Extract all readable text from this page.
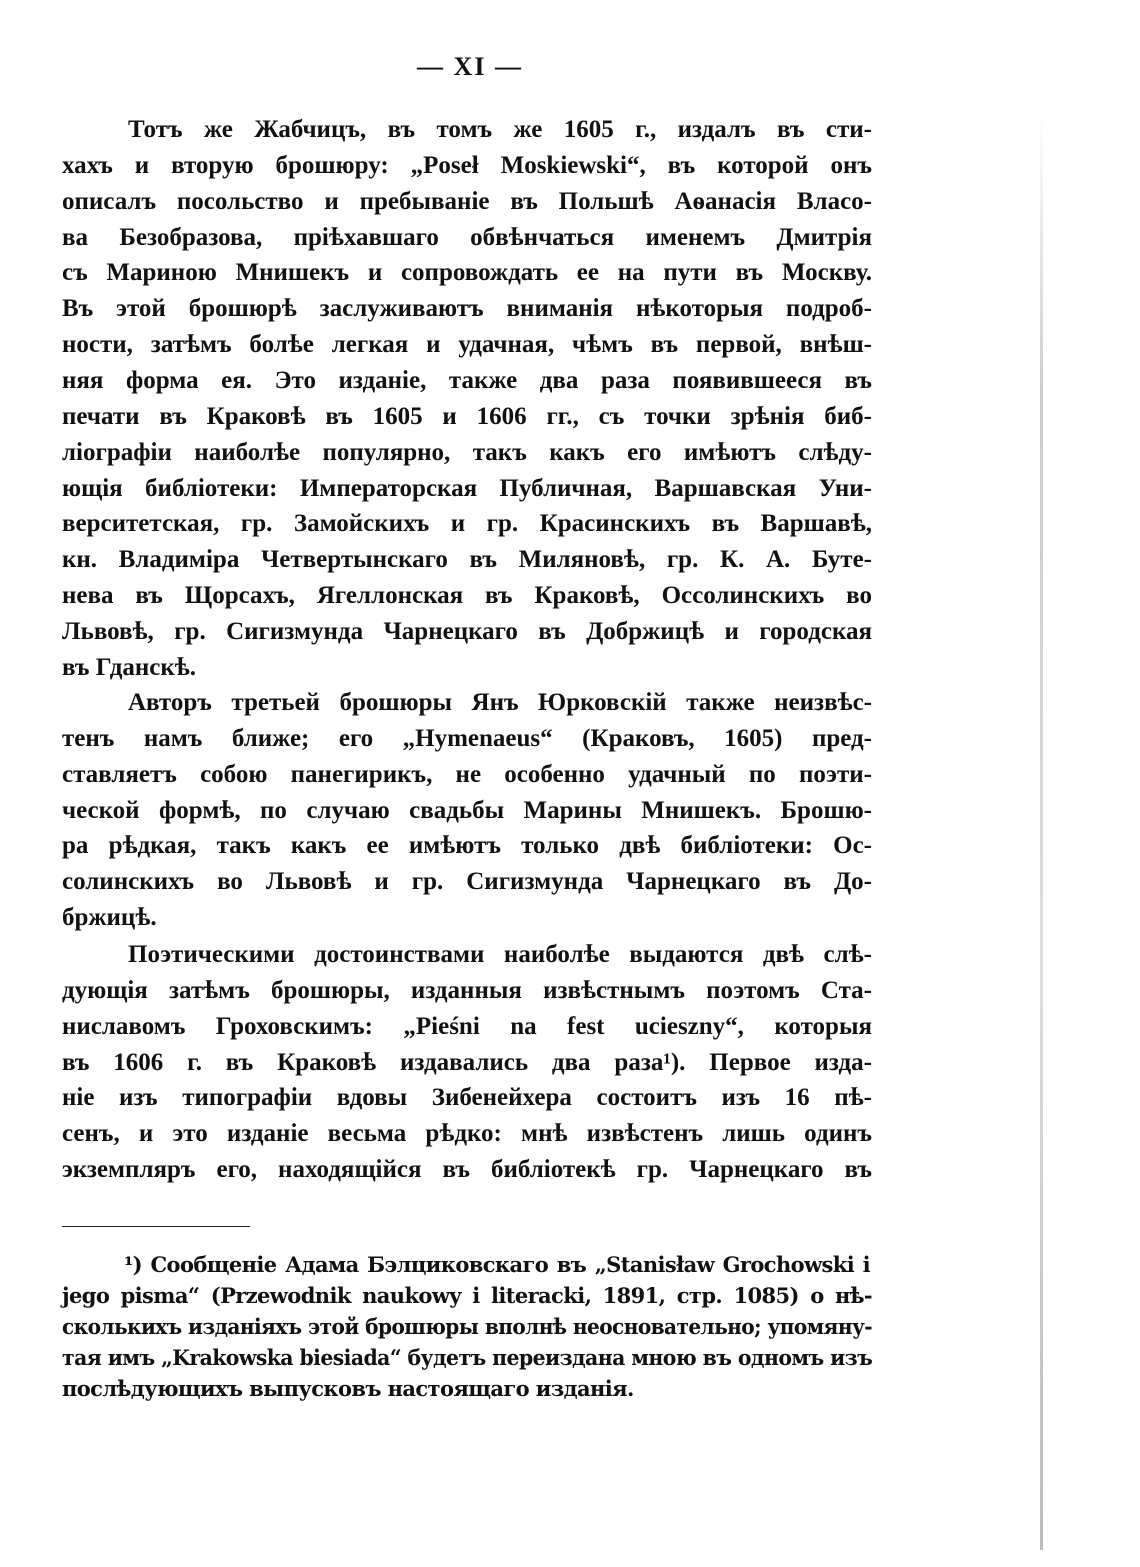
— XI —
Тотъ же Жабчицъ, въ томъ же 1605 г., издалъ въ сти-
хахъ и вторую брошюру: „Poseł Moskiewski“, въ которой онъ
описалъ посольство и пребываніе въ Польшѣ Аѳанасія Власо-
ва Безобразова, пріѣхавшаго обвѣнчаться именемъ Дмитрія
съ Мариною Мнишекъ и сопровождать ее на пути въ Москву.
Въ этой брошюрѣ заслуживаютъ вниманія нѣкоторыя подроб-
ности, затѣмъ болѣе легкая и удачная, чѣмъ въ первой, внѣш-
няя форма ея. Это изданіе, также два раза появившееся въ
печати въ Краковѣ въ 1605 и 1606 гг., съ точки зрѣнія биб-
ліографіи наиболѣе популярно, такъ какъ его имѣютъ слѣду-
ющія библіотеки: Императорская Публичная, Варшавская Уни-
верситетская, гр. Замойскихъ и гр. Красинскихъ въ Варшавѣ,
кн. Владиміра Четвертынскаго въ Миляновѣ, гр. К. А. Буте-
нева въ Щорсахъ, Ягеллонская въ Краковѣ, Оссолинскихъ во
Львовѣ, гр. Сигизмунда Чарнецкаго въ Добржицѣ и городская
въ Гданскѣ.
Авторъ третьей брошюры Янъ Юрковскій также неизвѣс-
тенъ намъ ближе; его „Hymenaeus“ (Краковъ, 1605) пред-
ставляетъ собою панегирикъ, не особенно удачный по поэти-
ческой формѣ, по случаю свадьбы Марины Мнишекъ. Брошю-
ра рѣдкая, такъ какъ ее имѣютъ только двѣ библіотеки: Ос-
солинскихъ во Львовѣ и гр. Сигизмунда Чарнецкаго въ До-
бржицѣ.
Поэтическими достоинствами наиболѣе выдаются двѣ слѣ-
дующія затѣмъ брошюры, изданныя извѣстнымъ поэтомъ Ста-
ниславомъ Гроховскимъ: „Pieśni na fest ucieszny“, которыя
въ 1606 г. въ Краковѣ издавались два раза¹). Первое изда-
ніе изъ типографіи вдовы Зибенейхера состоитъ изъ 16 пѣ-
сенъ, и это изданіе весьма рѣдко: мнѣ извѣстенъ лишь одинъ
экземпляръ его, находящійся въ библіотекѣ гр. Чарнецкаго въ
¹) Сообщеніе Адама Бэлциковскаго въ „Stanisław Grochowski i
jego pisma“ (Przewodnik naukowy i literacki, 1891, стр. 1085) о нѣ-
сколькихъ изданіяхъ этой брошюры вполнѣ неосновательно; упомяну-
тая имъ „Krakowska biesiada“ будетъ переиздана мною въ одномъ изъ
послѣдующихъ выпусковъ настоящаго изданія.
